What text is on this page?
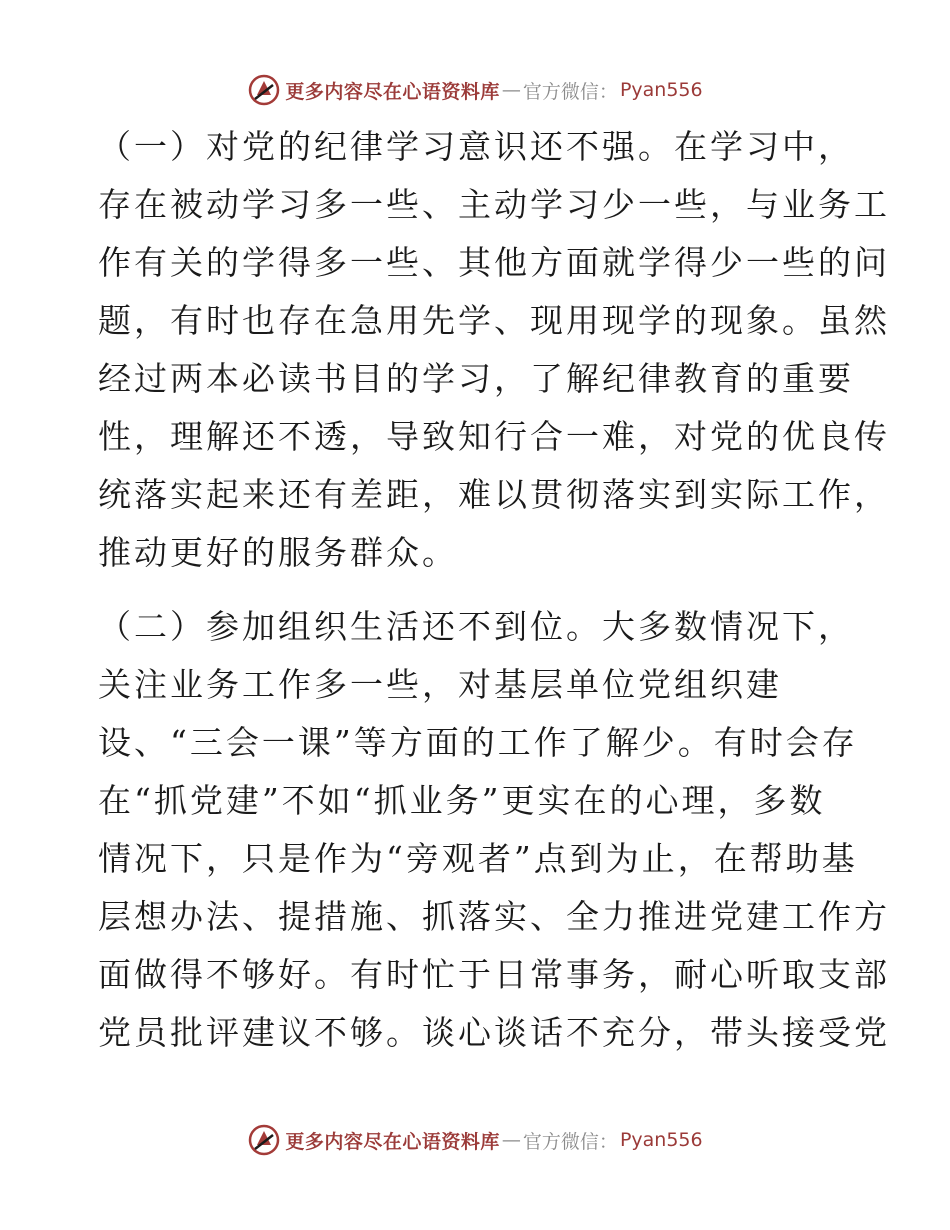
更多内容尽在心语资料库 — 官方微信： Pyan556
（一）对党的纪律学习意识还不强。在学习中，
存在被动学习多一些、主动学习少一些，与业务工
作有关的学得多一些、其他方面就学得少一些的问
题，有时也存在急用先学、现用现学的现象。虽然
经过两本必读书目的学习，了解纪律教育的重要
性，理解还不透，导致知行合一难，对党的优良传
统落实起来还有差距，难以贯彻落实到实际工作，
推动更好的服务群众。
（二）参加组织生活还不到位。大多数情况下，
关注业务工作多一些，对基层单位党组织建
设、“三会一课”等方面的工作了解少。有时会存
在“抓党建”不如“抓业务”更实在的心理，多数
情况下，只是作为“旁观者”点到为止，在帮助基
层想办法、提措施、抓落实、全力推进党建工作方
面做得不够好。有时忙于日常事务，耐心听取支部
党员批评建议不够。谈心谈话不充分，带头接受党
更多内容尽在心语资料库 — 官方微信： Pyan556
